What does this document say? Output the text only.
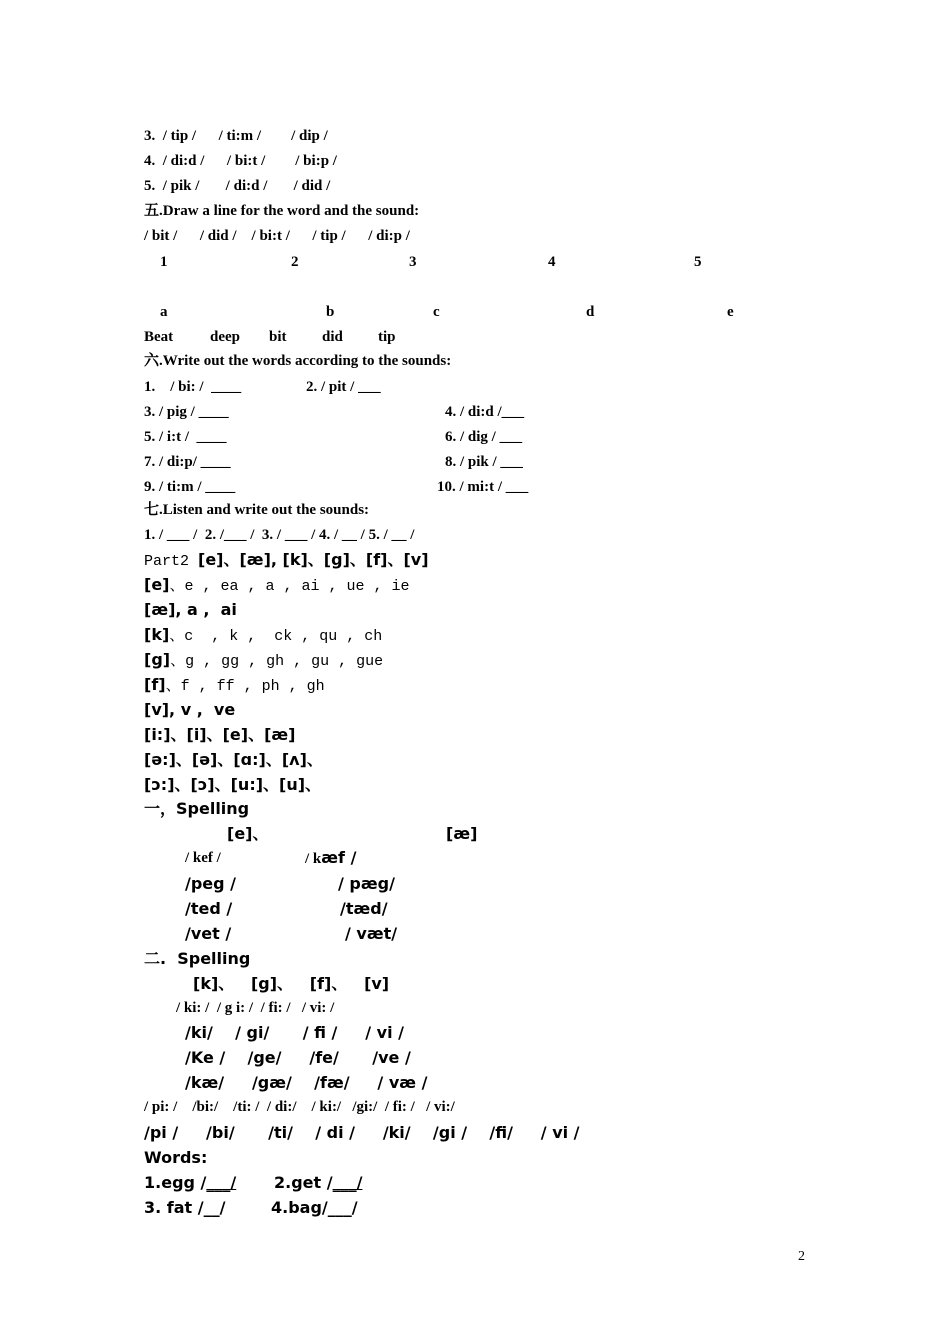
3.  / tip /      / ti:m /        / dip /
4.  / di:d /      / bi:t /        / bi:p /
5.  / pik /       / di:d /       / did /
五.Draw a line for the word and the sound:
/ bit /      / did /    / bi:t /      / tip /      / di:p /
1	2	3	4	5
a	b	c	d	e
Beat deep bit did tip
六.Write out the words according to the sounds:
1.    / bi: /  ____	2. / pit / ___
3. / pig / ____	4. / di:d /___
5. / i:t /  ____	6. / dig / ___
7. / di:p/ ____	8. / pik / ___
9. / ti:m / ____	10. / mi:t / ___
七.Listen and write out the sounds:
1. / ___ /  2. /___ /  3. / ___ / 4. / __ / 5. / __ /
Part2 [e]、[æ], [k]、[g]、[f]、[v]
[e]、e , ea , a , ai , ue , ie
[æ], a ,  ai
[k]、c  , k ,  ck , qu , ch
[g]、g , gg , gh , gu , gue
[f]、f , ff , ph , gh
[v], v ,  ve
[i:]、[i]、[e]、[æ]
[ə:]、[ə]、[ɑ:]、[ʌ]、
[ɔ:]、[ɔ]、[u:]、[u]、
一，Spelling
[e]、	[æ]
/ kef /	/ kæf /
/peg /	/ pæg/
/ted /	/tæd/
/vet /	/ væt/
二.  Spelling
[k]、   [g]、   [f]、   [v]
/ ki: /  / g i: /  / fi: /   / vi: /
/ki/    / gi/      / fi /     / vi /
/Ke /    /ge/     /fe/      /ve /
/kæ/     /gæ/    /fæ/     / væ /
/ pi: /    /bi:/    /ti: /  / di:/    / ki:/   /gi:/  / fi: /   / vi:/
/pi /     /bi/      /ti/    / di /     /ki/    /gi /    /fi/     / vi /
Words:
1.egg /___/ 2.get /___/
3. fat /__/	4.bag/___/
2
